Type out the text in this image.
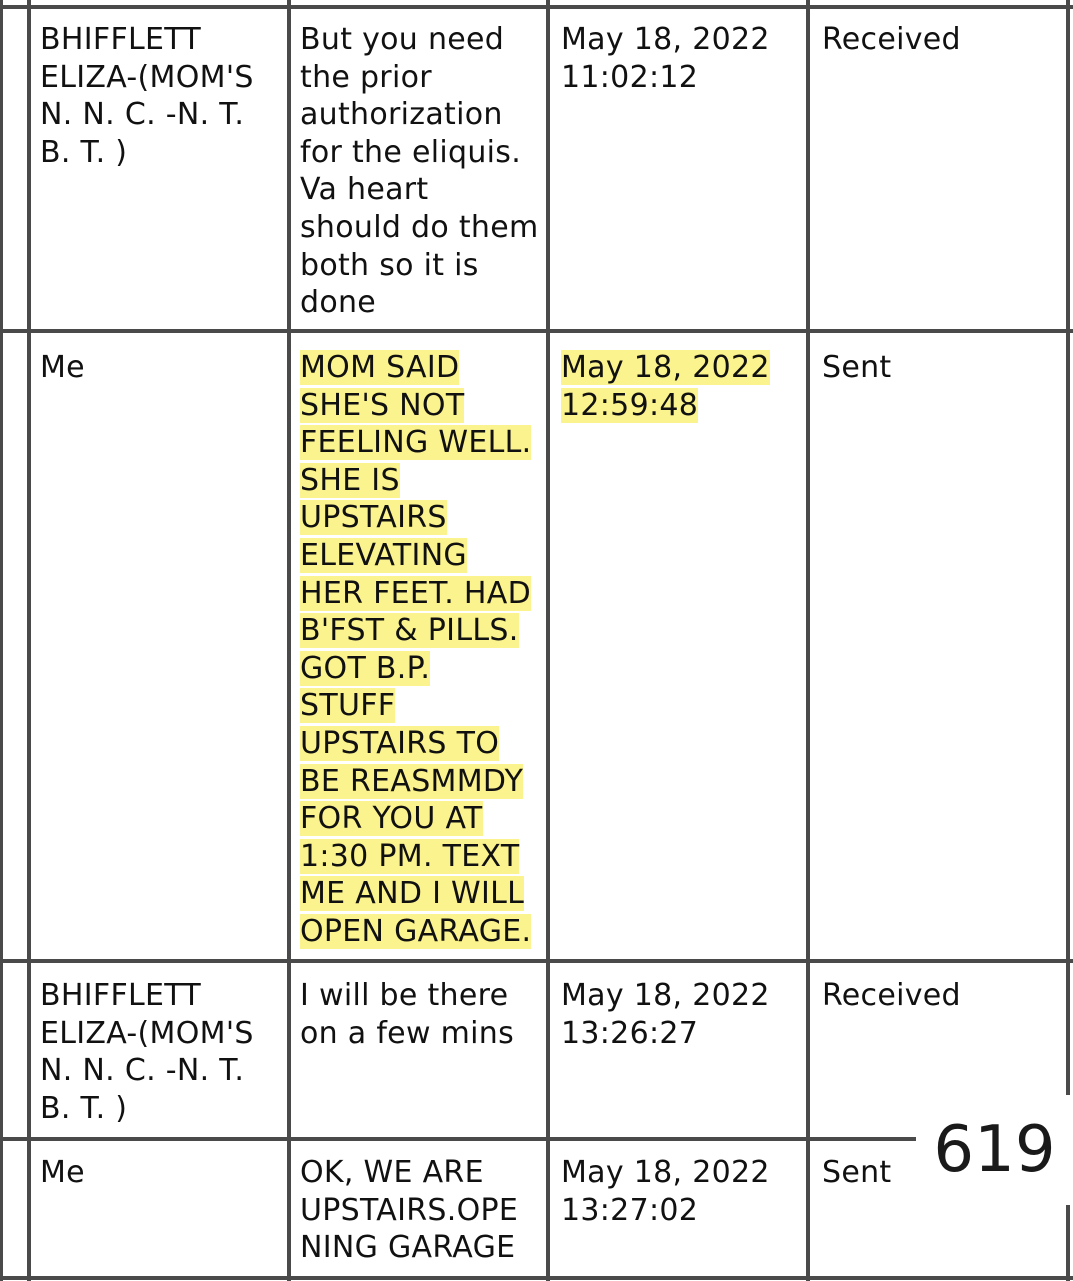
BHIFFLETT
ELIZA-(MOM'S
N. N. C. -N. T.
B. T. )
But you need
the prior
authorization
for the eliquis.
Va heart
should do them
both so it is
done
May 18, 2022
11:02:12
Received
Me	MOM SAID
SHE'S NOT
FEELING WELL.
SHE IS
UPSTAIRS
ELEVATING
HER FEET. HAD
B'FST & PILLS.
GOT B.P.
STUFF
UPSTAIRS TO
BE REASMMDY
FOR YOU AT
1:30 PM. TEXT
ME AND I WILL
OPEN GARAGE.
May 18, 2022
12:59:48
Sent
BHIFFLETT
ELIZA-(MOM'S
N. N. C. -N. T.
B. T. )
I will be there
on a few mins
May 18, 2022
13:26:27
Received
Me	OK, WE ARE
UPSTAIRS.OPE
NING GARAGE
May 18, 2022
13:27:02
Sent 619
